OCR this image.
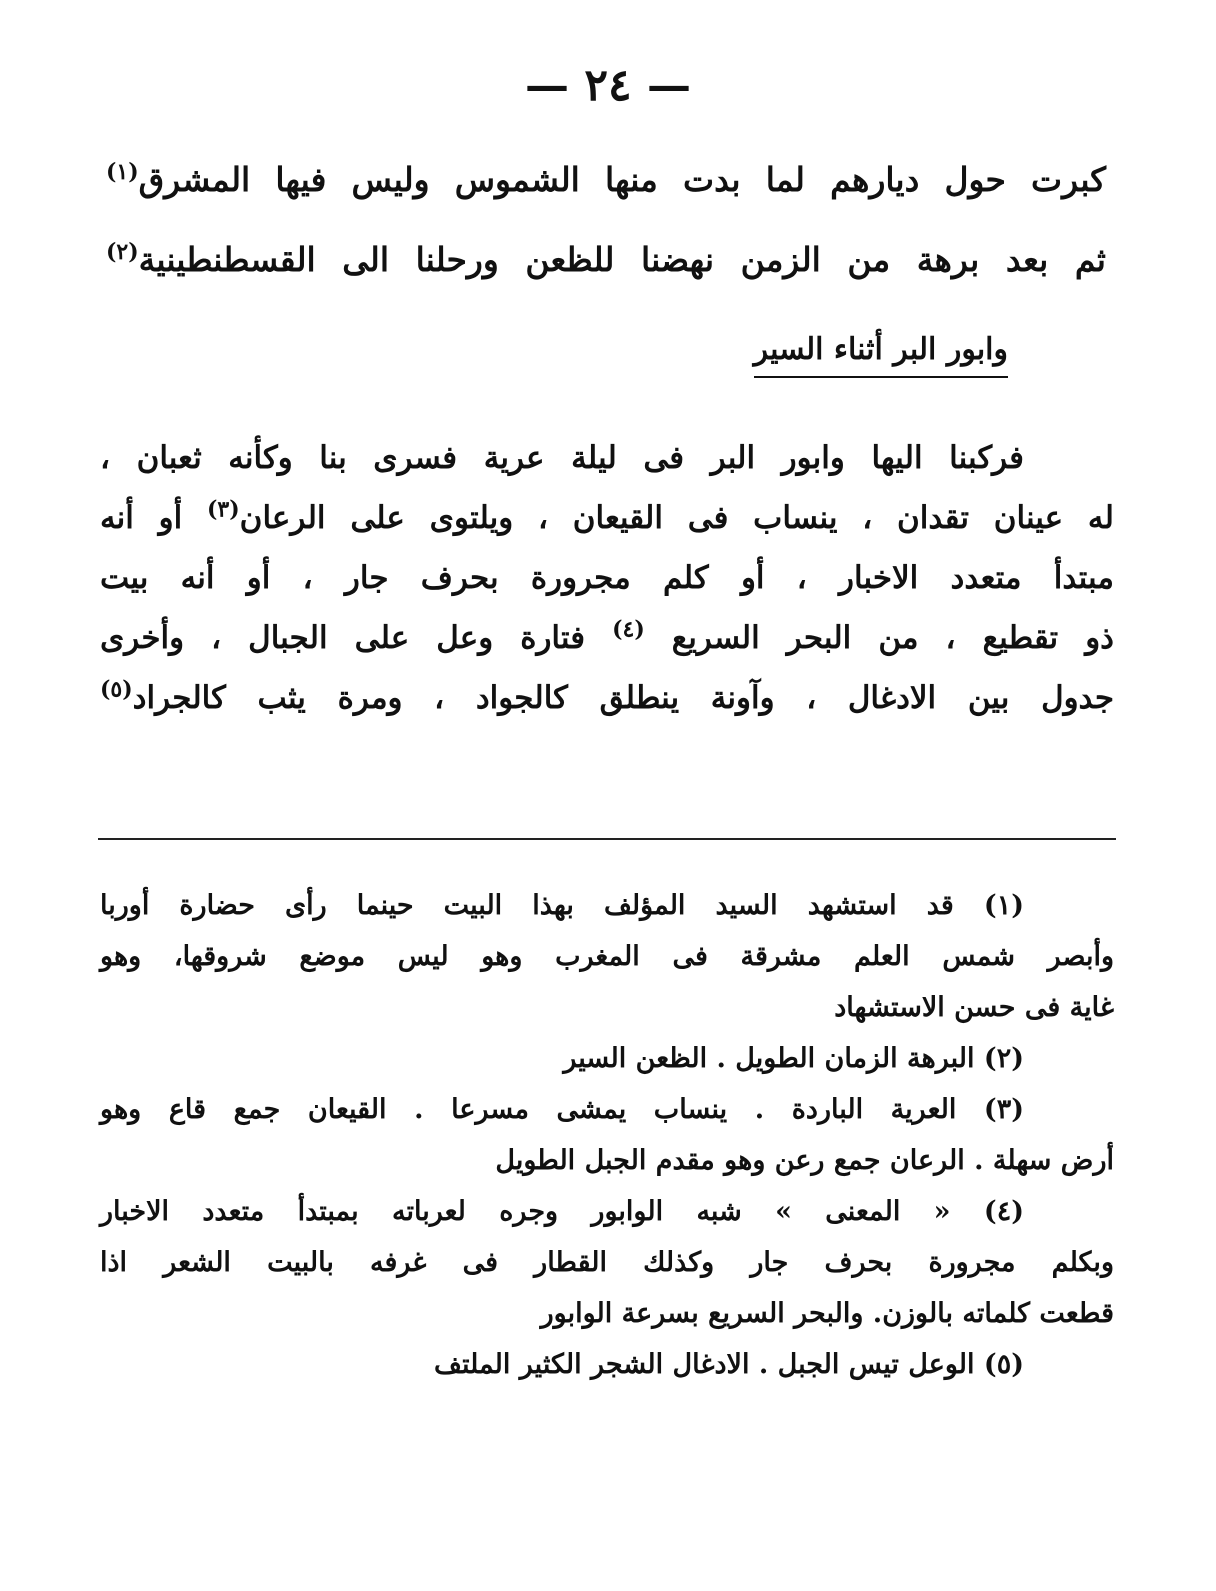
— ٢٤ —
كبرت حول ديارهم لما بدت منها الشموس وليس فيها المشرق$^{(١)}$
ثم بعد برهة من الزمن نهضنا للظعن ورحلنا الى القسطنطينية$^{(٢)}$
وابور البر أثناء السير
فركبنا اليها وابور البر فى ليلة عرية فسرى بنا وكأنه ثعبان ،
له عينان تقدان ، ينساب فى القيعان ، ويلتوى على الرعان$^{(٣)}$ أو أنه
مبتدأ متعدد الاخبار ، أو كلم مجرورة بحرف جار ، أو أنه بيت
ذو تقطيع ، من البحر السريع $^{(٤)}$ فتارة وعل على الجبال ، وأخرى
جدول بين الادغال ، وآونة ينطلق كالجواد ، ومرة يثب كالجراد$^{(٥)}$
(١) قد استشهد السيد المؤلف بهذا البيت حينما رأى حضارة أوربا
وأبصر شمس العلم مشرقة فى المغرب وهو ليس موضع شروقها، وهو
غاية فى حسن الاستشهاد
(٢) البرهة الزمان الطويل . الظعن السير
(٣) العرية الباردة . ينساب يمشى مسرعا . القيعان جمع قاع وهو
أرض سهلة . الرعان جمع رعن وهو مقدم الجبل الطويل
(٤) « المعنى » شبه الوابور وجره لعرباته بمبتدأ متعدد الاخبار
وبكلم مجرورة بحرف جار وكذلك القطار فى غرفه بالبيت الشعر اذا
قطعت كلماته بالوزن. والبحر السريع بسرعة الوابور
(٥) الوعل تيس الجبل . الادغال الشجر الكثير الملتف
